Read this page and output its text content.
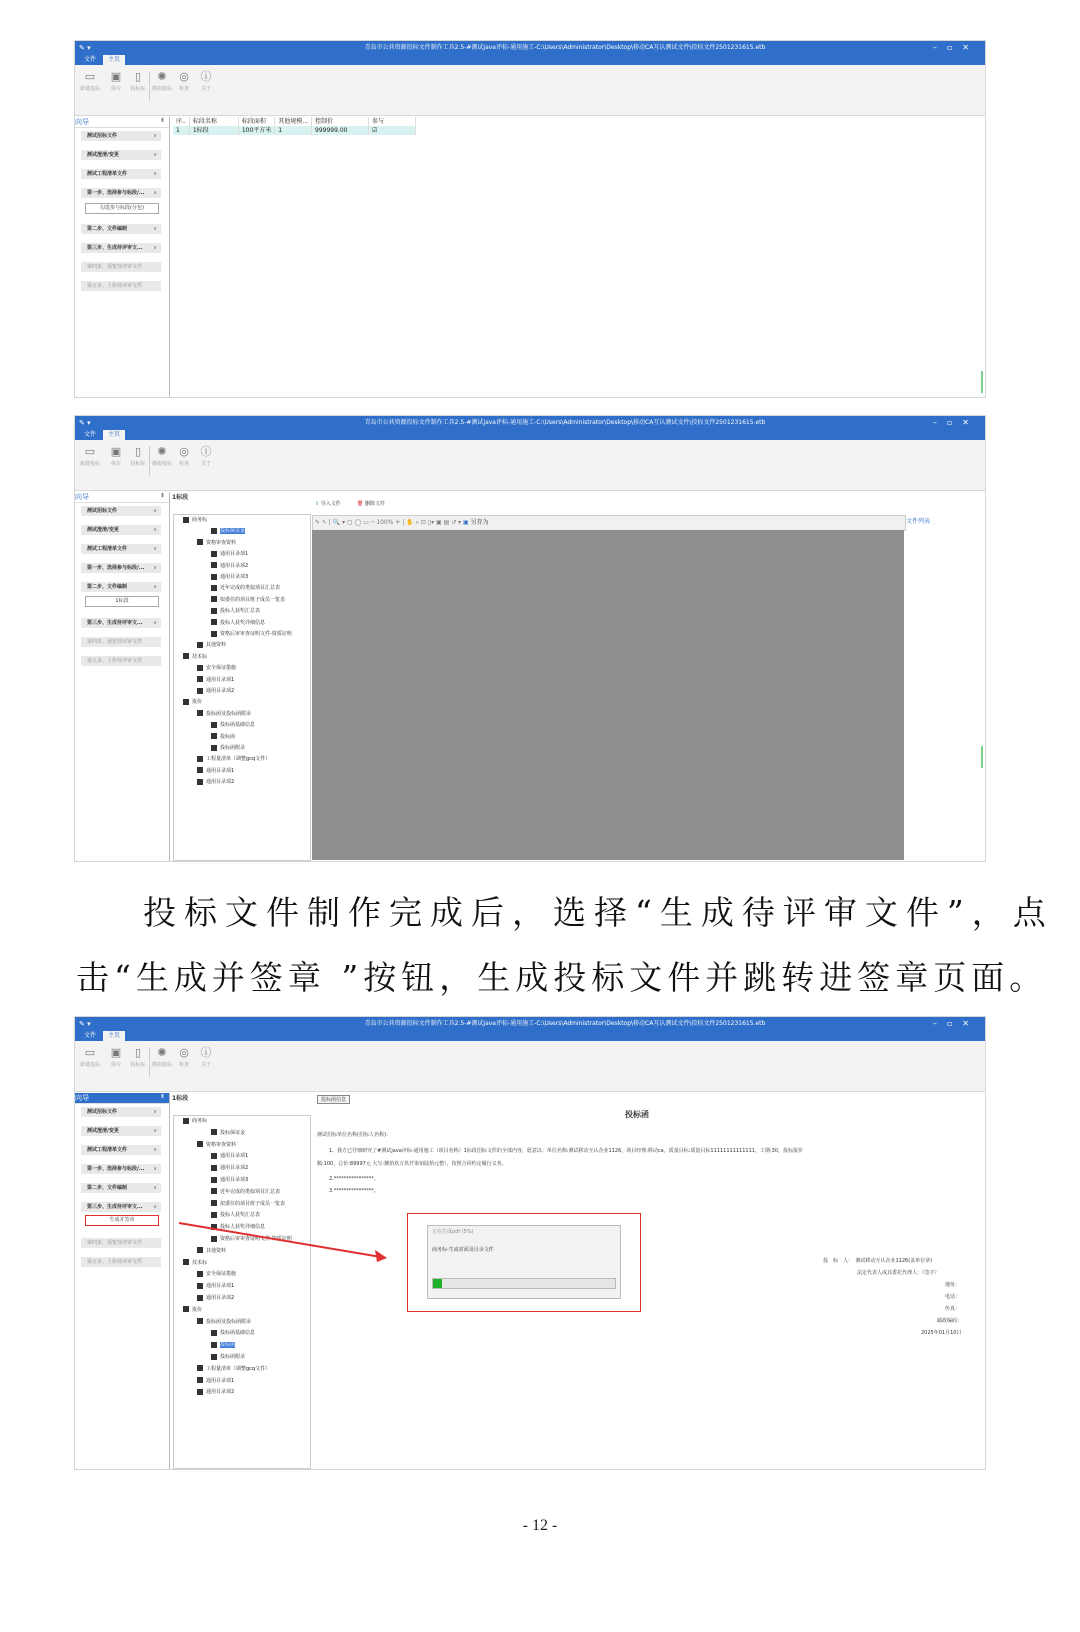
✎ ▾	青岛市公共资源投标文件制作工具2.5-#测试java评标-通用施工-C:\Users\Administrator\Desktop\移动CA互认测试文件\投标文件2501231615.etb	–▫✕
文件	主页
▭
新建投标
▣
保存
▯
投标标
✺
模拟投标
◎
检查
ⓘ
关于
向导	⇟
测试招标文件	∨
测试澄清/变更	∨
测试工程清单文件	∨
第一步、选择参与标段/... ∧
勾选参与标段(分包)
第二步、文件编制	∨
第三步、生成待评审文... ∨
第四步、预览待评审文件
第五步、上传待评审文件
序..	标段名称	标段面积	其他规模...	控制价	参与
1	1标段	100平方米	1	999999.00	☑
✎ ▾	青岛市公共资源投标文件制作工具2.5-#测试java评标-通用施工-C:\Users\Administrator\Desktop\移动CA互认测试文件\投标文件2501231615.etb	–▫✕
文件	主页
▭
新建投标
▣
保存
▯
投标标
✺
模拟投标
◎
检查
ⓘ
关于
向导	⇟
测试招标文件	∨
测试澄清/变更	∨
测试工程清单文件	∨
第一步、选择参与标段/... ∨
第二步、文件编制	∧
1标段
第三步、生成待评审文... ∨
第四步、预览待评审文件
第五步、上传待评审文件
1标段
⇪ 导入文件	🗑 删除文件
商务标
投标保证金
资格审查资料
通用目录项1
通用目录项2
通用目录项3
近年完成的类似项目汇总表
拟委任的项目班子成员一览表
投标人获奖汇总表
投标人获奖详细信息
资格后审审查证明文件-资质证明
其他资料
技术标
安全保证措施
通用目录项1
通用目录项2
报价
投标函及投标函附录
投标函基础信息
投标函
投标函附录
工程量清单（调整gcq文件）
通用目录项1
通用目录项2
✎ ↖ | 🔍 ▾ ▢ ◯ ▭ ─ 100% ✛ | ✋ ⌕ ⊡ ▯▾ ▣ ▤ ↺ ▾ ▣ 另存为	文件列表
投标文件制作完成后，选择“生成待评审文件”，点
击“生成并签章 ”按钮，生成投标文件并跳转进签章页面。
✎ ▾	青岛市公共资源投标文件制作工具2.5-#测试java评标-通用施工-C:\Users\Administrator\Desktop\移动CA互认测试文件\投标文件2501231615.etb	–▫✕
文件	主页
▭
新建投标
▣
保存
▯
投标标
✺
模拟投标
◎
检查
ⓘ
关于
向导	⇟
测试招标文件	∨
测试澄清/变更	∨
测试工程清单文件	∨
第一步、选择参与标段/... ∨
第二步、文件编制	∨
第三步、生成待评审文... ∧
生成并签章
第四步、预览待评审文件
第五步、上传待评审文件
1标段
商务标
投标保证金
资格审查资料
通用目录项1
通用目录项2
通用目录项3
近年完成的类似项目汇总表
拟委任的项目班子成员一览表
投标人获奖汇总表
投标人获奖详细信息
资格后审审查证明文件-资质证明
其他资料
技术标
安全保证措施
通用目录项1
通用目录项2
报价
投标函及投标函附录
投标函基础信息
投标函
投标函附录
工程量清单（调整gcq文件）
通用目录项1
通用目录项2
投标函信息
投标函
测试招标单位名称(招标人名称)：
1、我方已仔细研究了#测试java评标-通用施工（项目名称）1标段招标文件的全部内容，愿意以：单位名称:测试移动互认企业1126，项目经理:移动ca，质量目标:质量目标11111111111111，工期:30，投标报价
额:100，总价:89997元 大写:捌拾玖万玖仟柒佰陆拾元整），按照合同约定履行义务。
2.****************。
3.****************。
正在生成pdf (5%)
商务标-生成封面及目录文件
投　标　人：　测试移动互认企业1126(盖单位章)
法定代表人或其委托代理人：（签字）
地址：
电话：
传真：
邮政编码：
2025年01月10日
- 12 -
